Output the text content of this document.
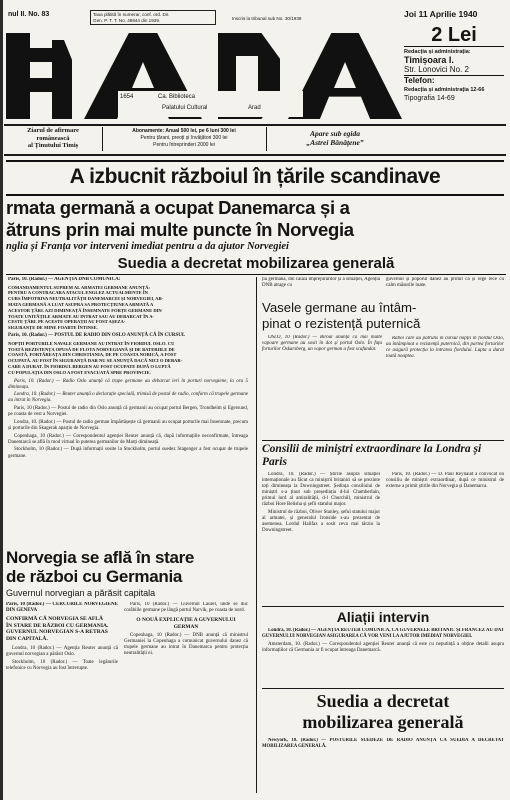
nul II. No. 83	Taxa plătită în numerar, conf. ord. Dir.
Gen. P. T. T. No. 49844 din 1939.	Inscris la tribunal sub No. 30/1939	Joi 11 Aprilie 1940
1654	Ca. Biblioteca
Palatului Cultural	Arad
2 Lei
Redacția și administrația:
Timișoara I.
Str. Lonovici No. 2
Telefon:
Redacția și administrația 12-66
Tipografia 14-69
Ziarul de afirmare
românească
al Ținutului Timiș
Abonamente: Anual 500 lei, pe 6 luni 300 lei
Pentru țărani, preoți și învățători 300 lei
Pentru întreprinderi 2000 lei
Apare sub egida
„Astrei Bănățene”
A izbucnit războiul în țările scandinave
rmata germană a ocupat Danemarca și a
ătruns prin mai multe puncte în Norvegia
nglia și Franța vor interveni imediat pentru a da ajutor Norvegiei
Suedia a decretat mobilizarea generală

Paris, 10. (Rador.) — AGENȚIA DNB COMUNICĂ:

COMANDAMENTUL SUPREM AL ARMATEI GERMANE ANUNȚĂ:
PENTRU A CONTRACARA ATACUL ENGLEZ ACTUALMENTE ÎN
CURS ÎMPOTRIVA NEUTRALITĂȚII DANEMARCEI ȘI NORVEGIEI, AR-
MATA GERMANĂ A LUAT ASUPRA SA PROTECȚIUNEA ARMATĂ A
ACESTOR ȚĂRI. AZI DIMINEAȚĂ ÎNSEMNATE FORȚE GERMANE DIN
TOATE UNITĂȚILE ARMATE AU INTRAT SAU AU DEBARCAT ÎN A-
CESTE ȚĂRI. PE ACESTE OPERAȚII AU FOST AȘEZA-
SIGURANȚE DE MINE FOARTE ÎNTINSE.

Paris, 10. (Rador.) — POSTUL DE RADIO DIN OSLO ANUNȚĂ CĂ ÎN CURSUL

NOPȚII PORTURILE NAVALE GERMANE AU INTRAT ÎN FIORDUL OSLO. CU
TOATĂ REZISTENȚA OPUSĂ DE FLOTA NORVEGIANĂ ȘI DE BATERIILE DE
COASTĂ, FORTĂREAȚA DIN CHRISTIANIA, DE PE COASTA NORICĂ, A FOST
OCUPATĂ. AU FOST ÎN SIGURANȚĂ DAR NU SE ANUNȚĂ DACĂ NICI O DEBAR-
CARE A DURAT. ÎN FIORDUL BERGEN AU FOST OCUPATE DUPĂ O LUPTĂ
CU POPULAȚIA DIN OSLO A FOST EVACUATĂ SPRE PROVINCIE.

Paris, 10. (Rador.) — Radio Oslo anunță că trupe germane au debarcat ieri în porturi norvegiene, la ora 5 dimineața.

Londra, 10. (Rador.) — Reuter anunță o declarație specială, trimisă de postul de radio, conform că trupele germane au intrat în Norvegia.

Paris, 10 (Rador.) — Postul de radio din Oslo anunță că germanii au ocupat portul Bergen, Trondheim și Egersund, pe coasta de vest a Norvegiei.

Londra, 10. (Rador.) — Postul de radio german împărtășește că germanii au ocupat porturile mai însemnate, precum și porturile din Skagerak aparțin de Norvegia.

Copenhaga, 10 (Rador.) — Corespondentul agenției Reuter anunță că, după informațiile neconfirmate, întreaga Danemarcă se află în mod virtual în puterea germanilor de Marți dimineață.

Stockholm, 10 (Rador.) — După informații sosite la Stockholm, portul suedez Stagenger a fost ocupat de trupele germane.

Norvegia se află în stare
de război cu Germania
Guvernul norvegian a părăsit capitala

Paris, 10 (Rador.) — CERCURILE NORVEGIENE DIN GENEVA

CONFIRMĂ CĂ NORVEGIA SE AFLĂ
ÎN STARE DE RĂZBOI CU GERMANIA.
GUVERNUL NORVEGIAN S-A RETRAS
DIN CAPITALĂ.

Londra, 10 (Rador.) — Agenția Reuter anunță că guvernul norvegian a părăsit Oslo.

Stockholm, 10 (Rador.) — Toate legăturile telefonice cu Norvegia au fost întrerupte.

Paris, 10 (Rador.) — Guvernul Laurel, unde se duc corăbiile germane pe lângă portul Narvik, pe coasta de nord.

O NOUĂ EXPLICAȚIE A GUVERNULUI GERMAN

Copenhaga, 10 (Rador.) — DNB anunță că ministrul Germaniei la Copenhaga a comunicat guvernului danez că trupele germane au intrat în Danemarca pentru protecția neutralității ei.

ția germană, din cauza împrejurărilor și a situației, Agenția DNB atrage cu

guvernul și poporul danez au primit ca și rege rece cu calm măsurile luate.

Vasele germane au întâm-
pinat o rezistență puternică

OSLO, 10 (Rador.) — Biroul anunță că mai multe vapoare germane au sosit în dot și portul Oslo. În fața forturilor Oskarsberg, un vapor german a fost scufundat.

Răboi care au pătruns în cursul nopții în fiordul Oslo, au întâmpinat o rezistență puternică, din partea forturilor ce asigură protecția la intrarea fiordului. Lupta a durat toată noaptea.

Consilii de miniștri extraordinare la Londra și Paris

Londra, 10. (Rador.) — Știrile asupra situației internaționale au făcut ca miniștrii britanici să se prezinte toți dimineața la Downingstreet. Ședința consiliului de miniștri s-a ținut sub președinția d-lui Chamberlain, primul lord al amiralității, d-l Churchill, ministrul de război Hore Belisha și șefii statului major.

Ministrul de război, Oliver Stanley, șeful statului major al armatei, și generalul Ironside s-au prezentat de asemenea. Lordul Halifax a sosit ceva mai târziu la Downingstreet.

Paris, 10. (Rador.) — D. Paul Reynaud a convocat un consiliu de miniștri extraordinar, după ce ministrul de externe a primit știrile din Norvegia și Danemarca.

Aliații intervin

Londra, 10. (Rador.) — AGENȚIA REUTER COMUNICĂ, CA GUVERNELE BRITANIC ȘI FRANCEZ AU DAT GUVERNULUI NORVEGIAN ASIGURAREA CĂ VOR VENI LA AJUTOR IMEDIAT NORVEGIEI.

Amsterdam, 10. (Rador.) — Corespondentul agenției Reuter anunță că este cu neputință a obține detalii asupra informațiilor că Germania ar fi ocupat întreaga Danemarcă.

Suedia a decretat
mobilizarea generală

Newyork, 10. (Rador.) — POSTURILE SUEDEZE DE RADIO ANUNȚĂ CĂ SUEDIA A DECRETAT MOBILIZAREA GENERALĂ.
